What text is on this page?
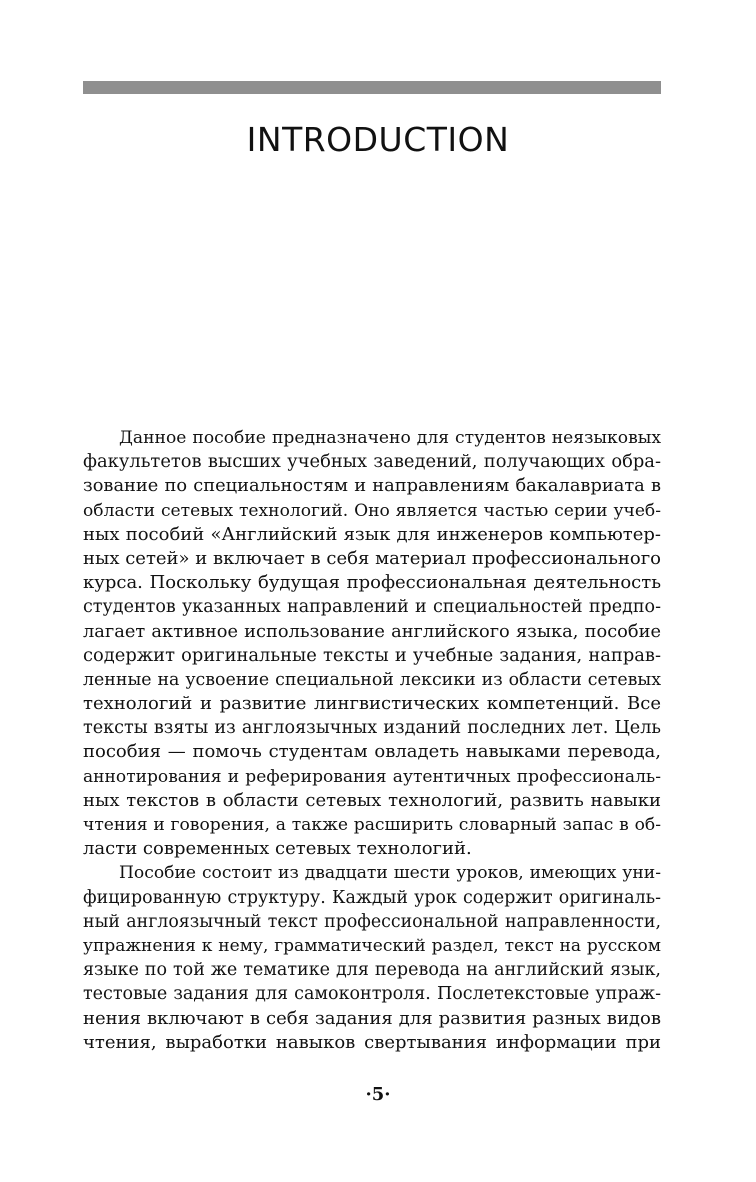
INTRODUCTION
Данное пособие предназначено для студентов неязыковых
факультетов высших учебных заведений, получающих обра-
зование по специальностям и направлениям бакалавриата в
области сетевых технологий. Оно является частью серии учеб-
ных пособий «Английский язык для инженеров компьютер-
ных сетей» и включает в себя материал профессионального
курса. Поскольку будущая профессиональная деятельность
студентов указанных направлений и специальностей предпо-
лагает активное использование английского языка, пособие
содержит оригинальные тексты и учебные задания, направ-
ленные на усвоение специальной лексики из области сетевых
технологий и развитие лингвистических компетенций. Все
тексты взяты из англоязычных изданий последних лет. Цель
пособия — помочь студентам овладеть навыками перевода,
аннотирования и реферирования аутентичных профессиональ-
ных текстов в области сетевых технологий, развить навыки
чтения и говорения, а также расширить словарный запас в об-
ласти современных сетевых технологий.
Пособие состоит из двадцати шести уроков, имеющих уни-
фицированную структуру. Каждый урок содержит оригиналь-
ный англоязычный текст профессиональной направленности,
упражнения к нему, грамматический раздел, текст на русском
языке по той же тематике для перевода на английский язык,
тестовые задания для самоконтроля. Послетекстовые упраж-
нения включают в себя задания для развития разных видов
чтения, выработки навыков свертывания информации при
·5·
